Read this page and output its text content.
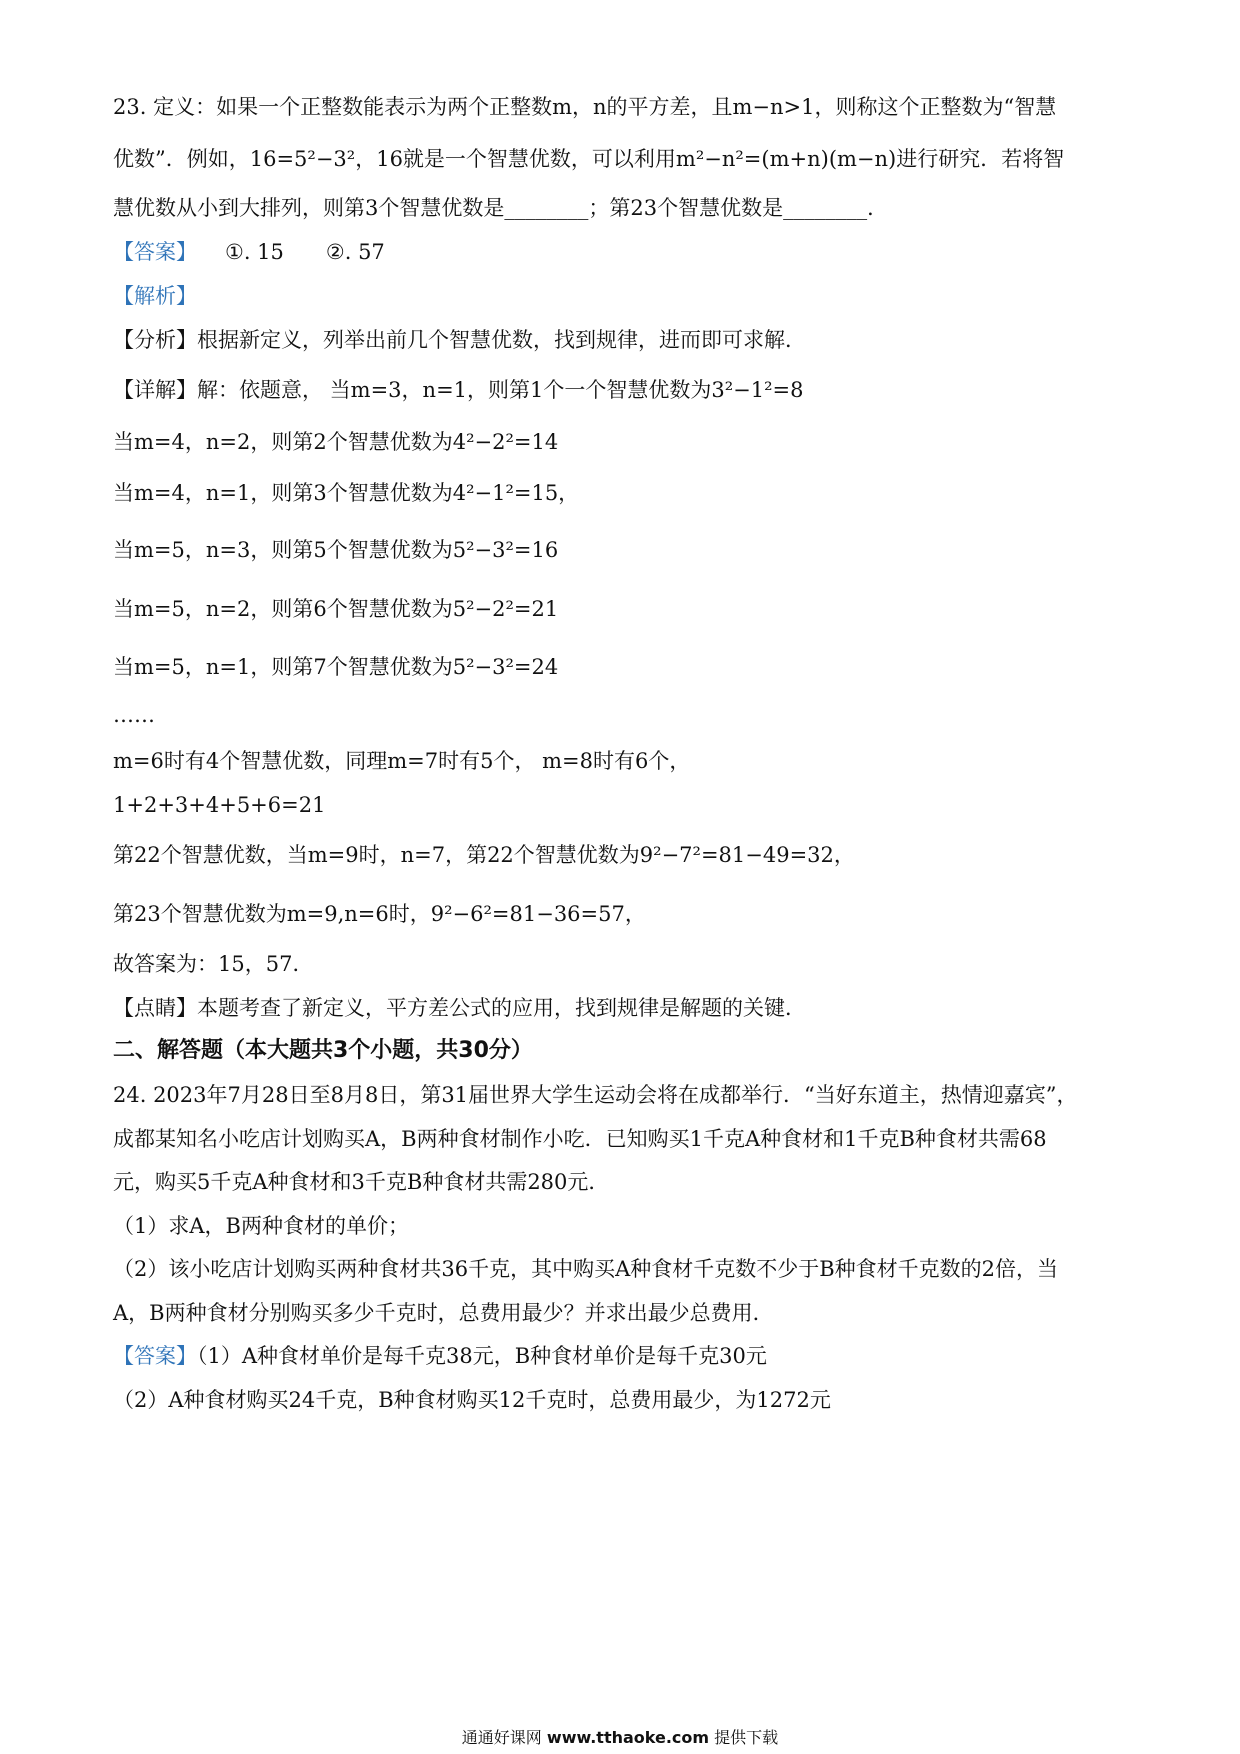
23. 定义：如果一个正整数能表示为两个正整数m，n的平方差，且m−n>1，则称这个正整数为“智慧
优数”．例如，16=5²−3²，16就是一个智慧优数，可以利用m²−n²=(m+n)(m−n)进行研究．若将智
慧优数从小到大排列，则第3个智慧优数是________；第23个智慧优数是________．
【答案】 ①. 15　　②. 57
【解析】
【分析】根据新定义，列举出前几个智慧优数，找到规律，进而即可求解．
【详解】解：依题意， 当m=3，n=1，则第1个一个智慧优数为3²−1²=8
当m=4，n=2，则第2个智慧优数为4²−2²=14
当m=4，n=1，则第3个智慧优数为4²−1²=15，
当m=5，n=3，则第5个智慧优数为5²−3²=16
当m=5，n=2，则第6个智慧优数为5²−2²=21
当m=5，n=1，则第7个智慧优数为5²−3²=24
……
m=6时有4个智慧优数，同理m=7时有5个， m=8时有6个，
1+2+3+4+5+6=21
第22个智慧优数，当m=9时，n=7，第22个智慧优数为9²−7²=81−49=32，
第23个智慧优数为m=9,n=6时，9²−6²=81−36=57，
故答案为：15，57．
【点睛】本题考查了新定义，平方差公式的应用，找到规律是解题的关键．
二、解答题（本大题共3个小题，共30分）
24. 2023年7月28日至8月8日，第31届世界大学生运动会将在成都举行．“当好东道主，热情迎嘉宾”，
成都某知名小吃店计划购买A，B两种食材制作小吃．已知购买1千克A种食材和1千克B种食材共需68
元，购买5千克A种食材和3千克B种食材共需280元．
（1）求A，B两种食材的单价；
（2）该小吃店计划购买两种食材共36千克，其中购买A种食材千克数不少于B种食材千克数的2倍，当
A，B两种食材分别购买多少千克时，总费用最少？并求出最少总费用．
【答案】（1）A种食材单价是每千克38元，B种食材单价是每千克30元
（2）A种食材购买24千克，B种食材购买12千克时，总费用最少，为1272元
通通好课网 www.tthaoke.com 提供下载
